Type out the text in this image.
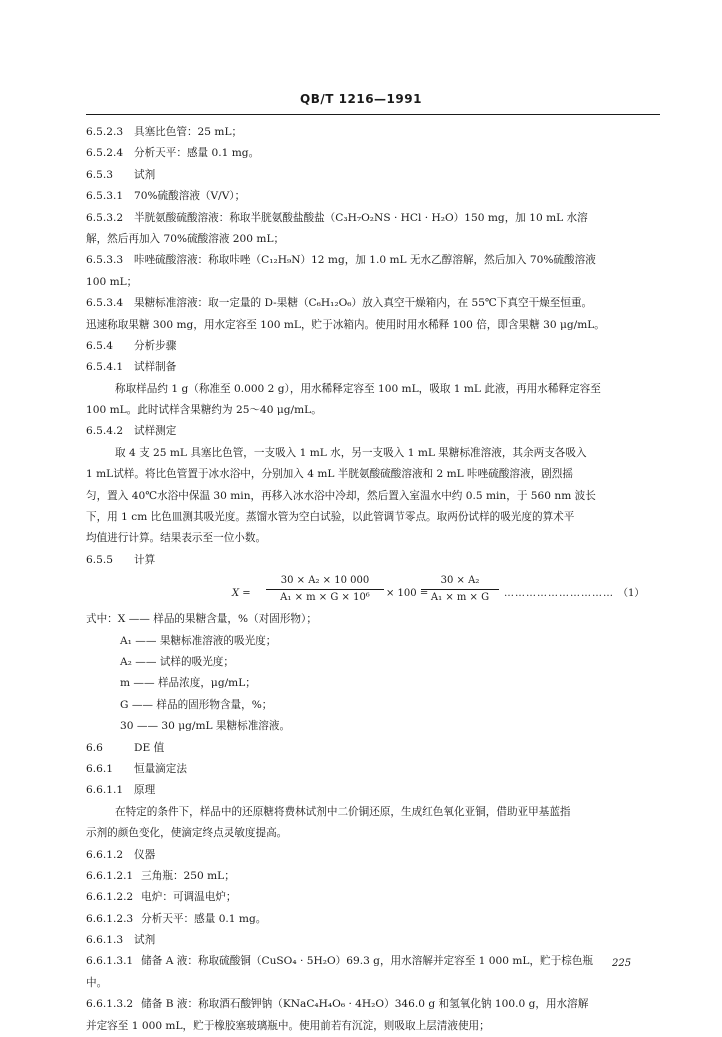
QB/T 1216—1991
6.5.2.3 具塞比色管：25 mL；
6.5.2.4 分析天平：感量 0.1 mg。
6.5.3 试剂
6.5.3.1 70%硫酸溶液（V/V）；
6.5.3.2 半胱氨酸硫酸溶液：称取半胱氨酸盐酸盐（C₃H₇O₂NS · HCl · H₂O）150 mg，加 10 mL 水溶
解，然后再加入 70%硫酸溶液 200 mL；
6.5.3.3 咔唑硫酸溶液：称取咔唑（C₁₂H₉N）12 mg，加 1.0 mL 无水乙醇溶解，然后加入 70%硫酸溶液
100 mL；
6.5.3.4 果糖标准溶液：取一定量的 D-果糖（C₆H₁₂O₆）放入真空干燥箱内，在 55℃下真空干燥至恒重。
迅速称取果糖 300 mg，用水定容至 100 mL，贮于冰箱内。使用时用水稀释 100 倍，即含果糖 30 μg/mL。
6.5.4 分析步骤
6.5.4.1 试样制备
称取样品约 1 g（称准至 0.000 2 g），用水稀释定容至 100 mL，吸取 1 mL 此液，再用水稀释定容至
100 mL。此时试样含果糖约为 25～40 μg/mL。
6.5.4.2 试样测定
取 4 支 25 mL 具塞比色管，一支吸入 1 mL 水，另一支吸入 1 mL 果糖标准溶液，其余两支各吸入
1 mL试样。将比色管置于冰水浴中，分别加入 4 mL 半胱氨酸硫酸溶液和 2 mL 咔唑硫酸溶液，剧烈摇
匀，置入 40℃水浴中保温 30 min，再移入冰水浴中冷却，然后置入室温水中约 0.5 min，于 560 nm 波长
下，用 1 cm 比色皿测其吸光度。蒸馏水管为空白试验，以此管调节零点。取两份试样的吸光度的算术平
均值进行计算。结果表示至一位小数。
6.5.5 计算
$X = \frac{\text{30 × A₂ × 10 000}}{\text{A₁ × m × G × 10⁶}} \times 100$ =
$\frac{\text{30 × A₂}}{\text{A₁ × m × G}}$ ………………………… （1）
式中：X —— 样品的果糖含量，%（对固形物）；
A₁ —— 果糖标准溶液的吸光度；
A₂ —— 试样的吸光度；
m —— 样品浓度，μg/mL；
G —— 样品的固形物含量，%；
30 —— 30 μg/mL 果糖标准溶液。
6.6	DE 值
6.6.1 恒量滴定法
6.6.1.1 原理
在特定的条件下，样品中的还原糖将费林试剂中二价铜还原，生成红色氧化亚铜，借助亚甲基蓝指
示剂的颜色变化，使滴定终点灵敏度提高。
6.6.1.2 仪器
6.6.1.2.1 三角瓶：250 mL；
6.6.1.2.2 电炉：可调温电炉；
6.6.1.2.3 分析天平：感量 0.1 mg。
6.6.1.3 试剂
6.6.1.3.1 储备 A 液：称取硫酸铜（CuSO₄ · 5H₂O）69.3 g，用水溶解并定容至 1 000 mL，贮于棕色瓶
中。
6.6.1.3.2 储备 B 液：称取酒石酸钾钠（KNaC₄H₄O₆ · 4H₂O）346.0 g 和氢氧化钠 100.0 g，用水溶解
并定容至 1 000 mL，贮于橡胶塞玻璃瓶中。使用前若有沉淀，则吸取上层清液使用；
225
